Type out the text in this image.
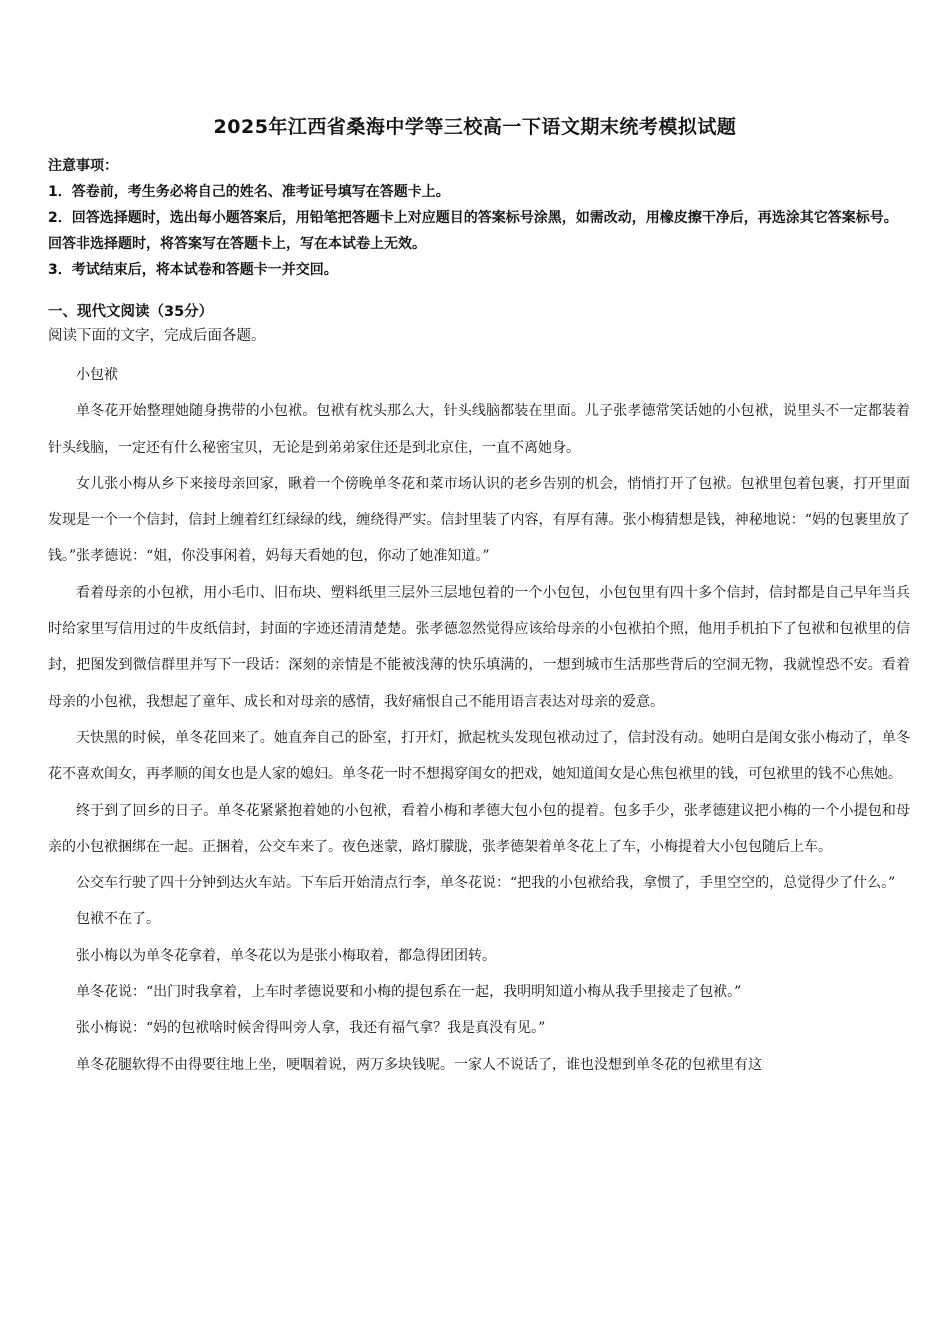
2025年江西省桑海中学等三校高一下语文期末统考模拟试题

注意事项：

1．答卷前，考生务必将自己的姓名、准考证号填写在答题卡上。

2．回答选择题时，选出每小题答案后，用铅笔把答题卡上对应题目的答案标号涂黑，如需改动，用橡皮擦干净后，再选涂其它答案标号。回答非选择题时，将答案写在答题卡上，写在本试卷上无效。

3．考试结束后，将本试卷和答题卡一并交回。

一、现代文阅读（35分）
阅读下面的文字，完成后面各题。

小包袱

单冬花开始整理她随身携带的小包袱。包袱有枕头那么大，针头线脑都装在里面。儿子张孝德常笑话她的小包袱，说里头不一定都装着针头线脑，一定还有什么秘密宝贝，无论是到弟弟家住还是到北京住，一直不离她身。

女儿张小梅从乡下来接母亲回家，瞅着一个傍晚单冬花和菜市场认识的老乡告别的机会，悄悄打开了包袱。包袱里包着包裹，打开里面发现是一个一个信封，信封上缠着红红绿绿的线，缠绕得严实。信封里装了内容，有厚有薄。张小梅猜想是钱，神秘地说：“妈的包裹里放了钱。”张孝德说：“姐，你没事闲着，妈每天看她的包，你动了她准知道。”

看着母亲的小包袱，用小毛巾、旧布块、塑料纸里三层外三层地包着的一个小包包，小包包里有四十多个信封，信封都是自己早年当兵时给家里写信用过的牛皮纸信封，封面的字迹还清清楚楚。张孝德忽然觉得应该给母亲的小包袱拍个照，他用手机拍下了包袱和包袱里的信封，把图发到微信群里并写下一段话：深刻的亲情是不能被浅薄的快乐填满的，一想到城市生活那些背后的空洞无物，我就惶恐不安。看着母亲的小包袱，我想起了童年、成长和对母亲的感情，我好痛恨自己不能用语言表达对母亲的爱意。

天快黑的时候，单冬花回来了。她直奔自己的卧室，打开灯，掀起枕头发现包袱动过了，信封没有动。她明白是闺女张小梅动了，单冬花不喜欢闺女，再孝顺的闺女也是人家的媳妇。单冬花一时不想揭穿闺女的把戏，她知道闺女是心焦包袱里的钱，可包袱里的钱不心焦她。

终于到了回乡的日子。单冬花紧紧抱着她的小包袱，看着小梅和孝德大包小包的提着。包多手少，张孝德建议把小梅的一个小提包和母亲的小包袱捆绑在一起。正捆着，公交车来了。夜色迷蒙，路灯朦胧，张孝德架着单冬花上了车，小梅提着大小包包随后上车。

公交车行驶了四十分钟到达火车站。下车后开始清点行李，单冬花说：“把我的小包袱给我，拿惯了，手里空空的，总觉得少了什么。”

包袱不在了。

张小梅以为单冬花拿着，单冬花以为是张小梅取着，都急得团团转。

单冬花说：“出门时我拿着，上车时孝德说要和小梅的提包系在一起，我明明知道小梅从我手里接走了包袱。”

张小梅说：“妈的包袱啥时候舍得叫旁人拿，我还有福气拿？我是真没有见。”

单冬花腿软得不由得要往地上坐，哽咽着说，两万多块钱呢。一家人不说话了，谁也没想到单冬花的包袱里有这
